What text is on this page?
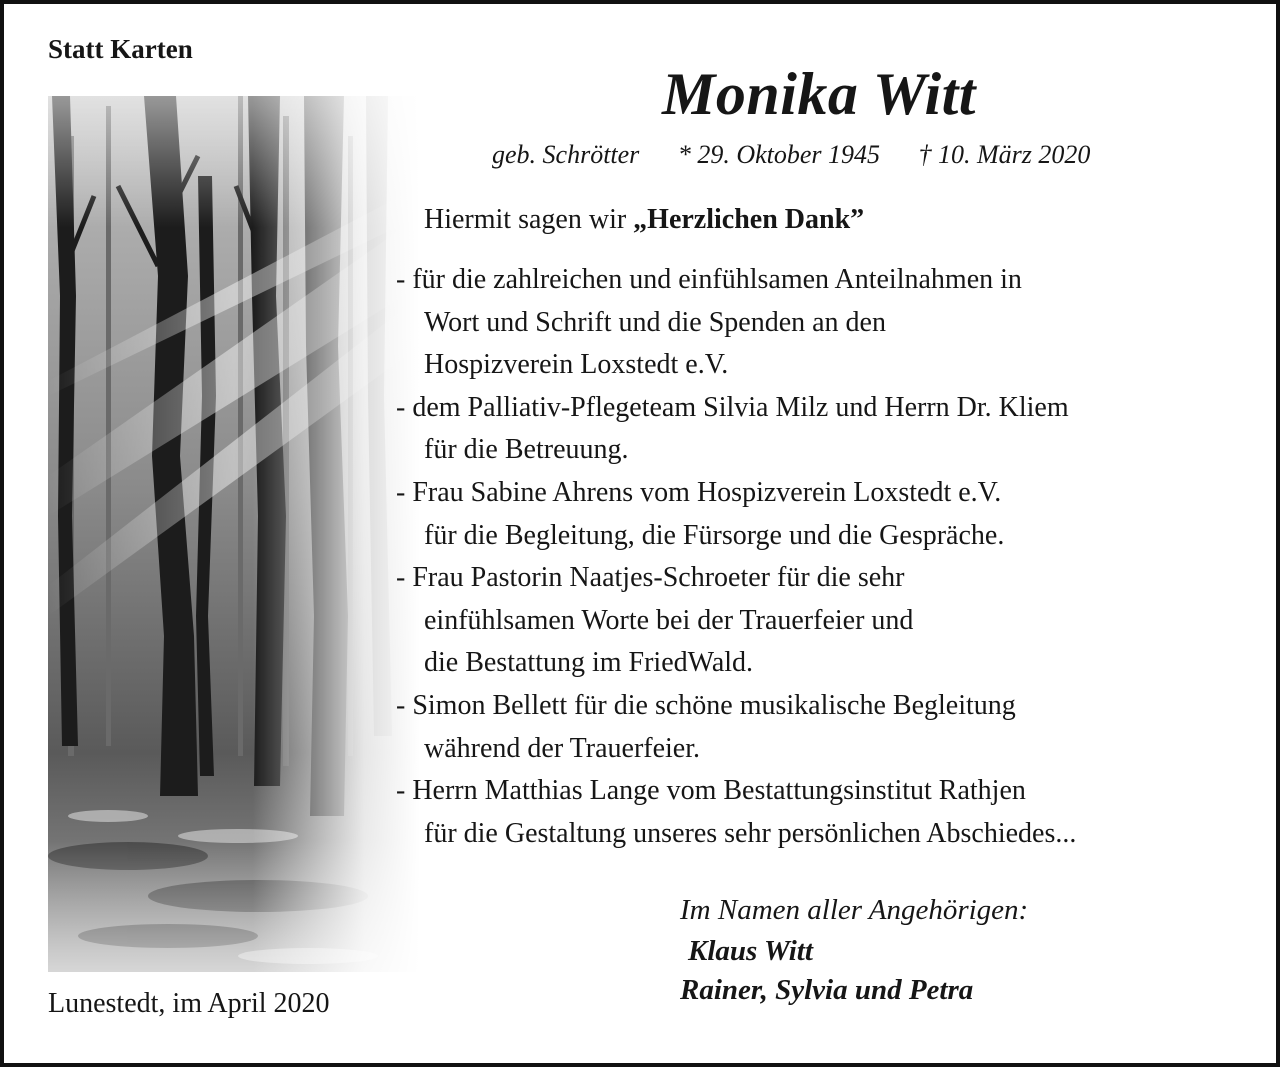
Statt Karten
Monika Witt
geb. Schrötter * 29. Oktober 1945 † 10. März 2020
Hiermit sagen wir „Herzlichen Dank”
- für die zahlreichen und einfühlsamen Anteilnahmen in
Wort und Schrift und die Spenden an den
Hospizverein Loxstedt e.V.
- dem Palliativ-Pflegeteam Silvia Milz und Herrn Dr. Kliem
für die Betreuung.
- Frau Sabine Ahrens vom Hospizverein Loxstedt e.V.
für die Begleitung, die Fürsorge und die Gespräche.
- Frau Pastorin Naatjes-Schroeter für die sehr
einfühlsamen Worte bei der Trauerfeier und
die Bestattung im FriedWald.
- Simon Bellett für die schöne musikalische Begleitung
während der Trauerfeier.
- Herrn Matthias Lange vom Bestattungsinstitut Rathjen
für die Gestaltung unseres sehr persönlichen Abschiedes...
Im Namen aller Angehörigen:
Klaus Witt
Rainer, Sylvia und Petra
Lunestedt, im April 2020
